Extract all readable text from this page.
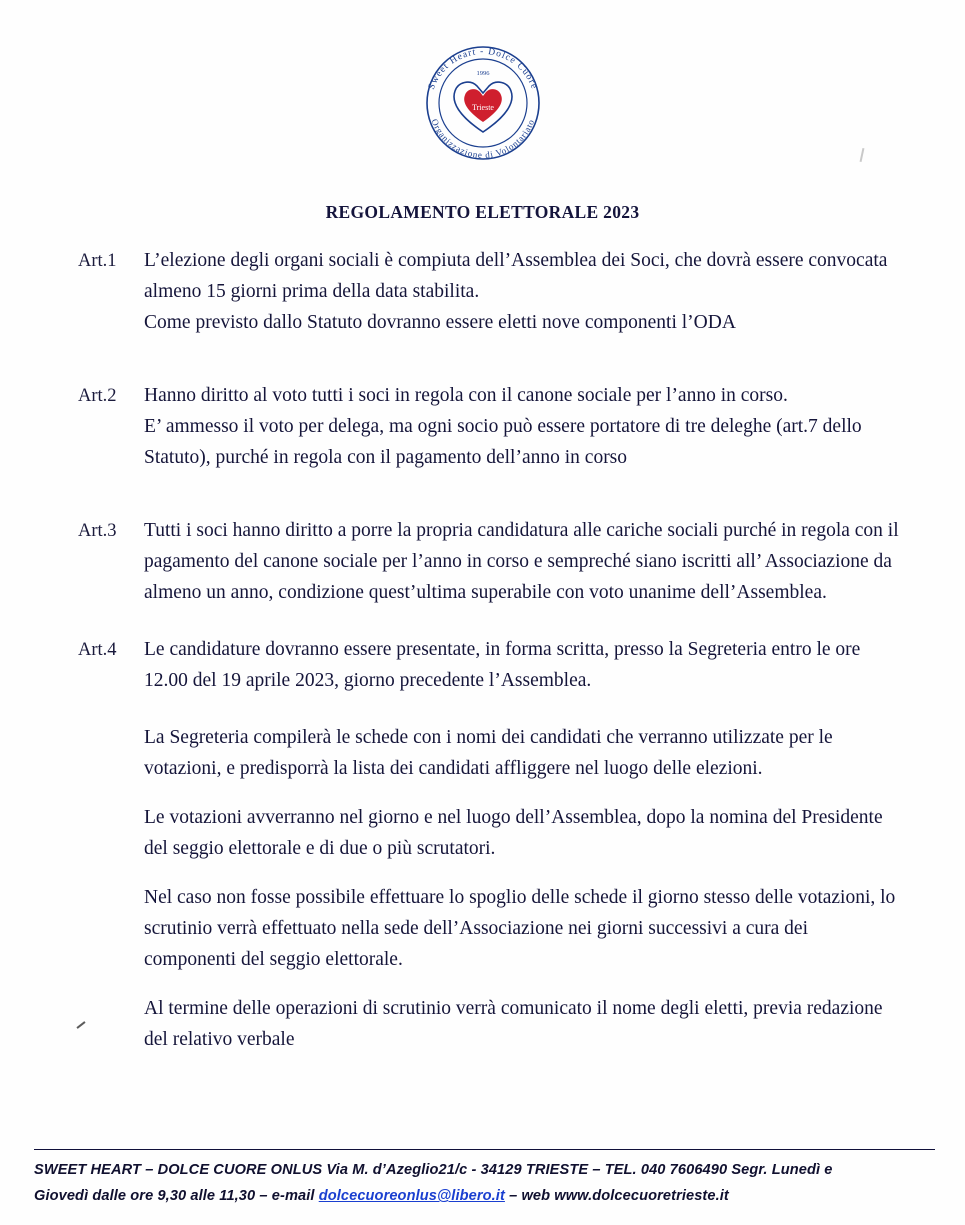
Trieste
1996
Sweet Heart - Dolce Cuore
Organizzazione di Volontariato
REGOLAMENTO ELETTORALE 2023
Art.1	L’elezione degli organi sociali è compiuta dell’Assemblea dei Soci, che dovrà essere convocata almeno 15 giorni prima della data stabilita.

Come previsto dallo Statuto dovranno essere eletti nove componenti l’ODA

Art.2	Hanno diritto al voto tutti i soci in regola con il canone sociale per l’anno in corso.

E’ ammesso il voto per delega, ma ogni socio può essere portatore di tre deleghe (art.7 dello Statuto), purché in regola con il pagamento dell’anno in corso

Art.3	Tutti i soci hanno diritto a porre la propria candidatura alle cariche sociali purché in regola con il pagamento del canone sociale per l’anno in corso e sempreché siano iscritti all’ Associazione da almeno un anno, condizione quest’ultima superabile con voto unanime dell’Assemblea.

Art.4	Le candidature dovranno essere presentate, in forma scritta, presso la Segreteria entro le ore 12.00 del 19 aprile 2023, giorno precedente l’Assemblea.

La Segreteria compilerà le schede con i nomi dei candidati che verranno utilizzate per le votazioni, e predisporrà la lista dei candidati affliggere nel luogo delle elezioni.

Le votazioni avverranno nel giorno e nel luogo dell’Assemblea, dopo la nomina del Presidente del seggio elettorale e di due o più scrutatori.

Nel caso non fosse possibile effettuare lo spoglio delle schede il giorno stesso delle votazioni, lo scrutinio verrà effettuato nella sede dell’Associazione nei giorni successivi a cura dei componenti del seggio elettorale.

Al termine delle operazioni di scrutinio verrà comunicato il nome degli eletti, previa redazione del relativo verbale

SWEET HEART – DOLCE CUORE ONLUS Via M. d’Azeglio21/c - 34129 TRIESTE – TEL. 040 7606490 Segr. Lunedì e
Giovedì dalle ore 9,30 alle 11,30 – e-mail dolcecuoreonlus@libero.it – web www.dolcecuoretrieste.it
